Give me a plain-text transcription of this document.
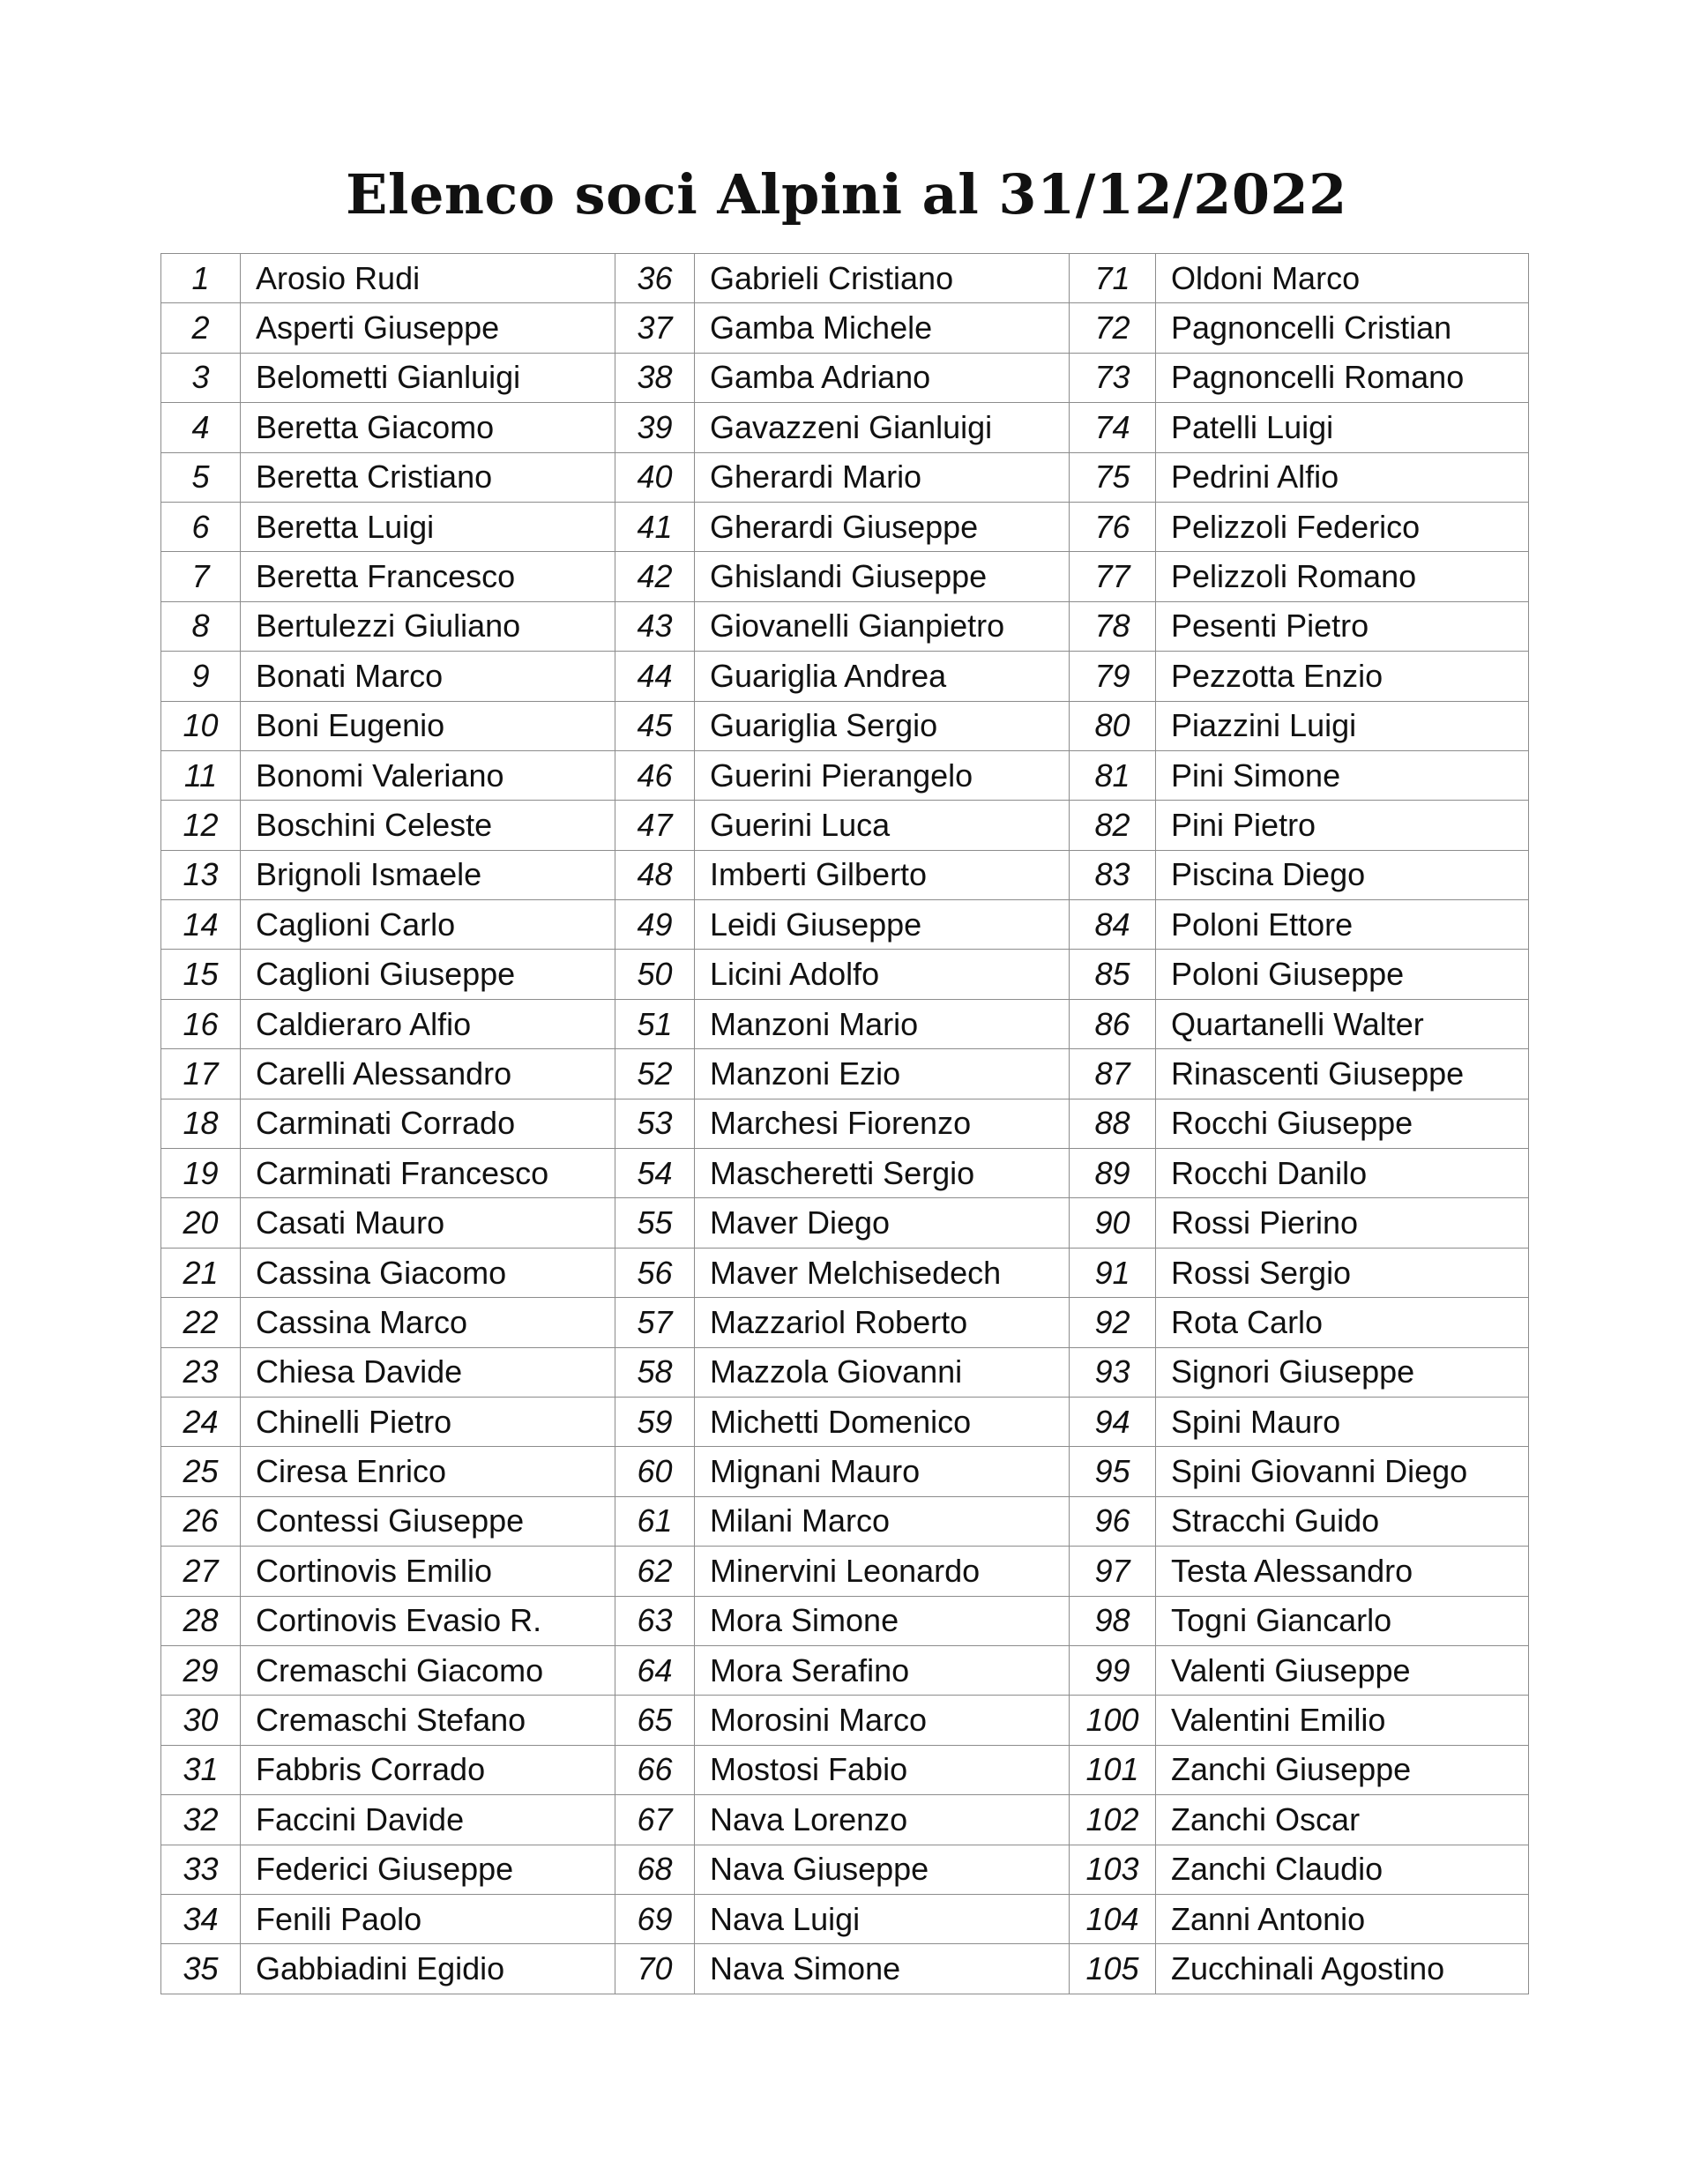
Elenco soci Alpini al 31/12/2022
1	Arosio Rudi	36	Gabrieli Cristiano	71	Oldoni Marco
2	Asperti Giuseppe	37	Gamba Michele	72	Pagnoncelli Cristian
3	Belometti Gianluigi	38	Gamba Adriano	73	Pagnoncelli Romano
4	Beretta Giacomo	39	Gavazzeni Gianluigi	74	Patelli Luigi
5	Beretta Cristiano	40	Gherardi Mario	75	Pedrini Alfio
6	Beretta Luigi	41	Gherardi Giuseppe	76	Pelizzoli Federico
7	Beretta Francesco	42	Ghislandi Giuseppe	77	Pelizzoli Romano
8	Bertulezzi Giuliano	43	Giovanelli Gianpietro	78	Pesenti Pietro
9	Bonati Marco	44	Guariglia Andrea	79	Pezzotta Enzio
10	Boni Eugenio	45	Guariglia Sergio	80	Piazzini Luigi
11	Bonomi Valeriano	46	Guerini Pierangelo	81	Pini Simone
12	Boschini Celeste	47	Guerini Luca	82	Pini Pietro
13	Brignoli Ismaele	48	Imberti Gilberto	83	Piscina Diego
14	Caglioni Carlo	49	Leidi Giuseppe	84	Poloni Ettore
15	Caglioni Giuseppe	50	Licini Adolfo	85	Poloni Giuseppe
16	Caldieraro Alfio	51	Manzoni Mario	86	Quartanelli Walter
17	Carelli Alessandro	52	Manzoni Ezio	87	Rinascenti Giuseppe
18	Carminati Corrado	53	Marchesi Fiorenzo	88	Rocchi Giuseppe
19	Carminati Francesco	54	Mascheretti Sergio	89	Rocchi Danilo
20	Casati Mauro	55	Maver Diego	90	Rossi Pierino
21	Cassina Giacomo	56	Maver Melchisedech	91	Rossi Sergio
22	Cassina Marco	57	Mazzariol Roberto	92	Rota Carlo
23	Chiesa Davide	58	Mazzola Giovanni	93	Signori Giuseppe
24	Chinelli Pietro	59	Michetti Domenico	94	Spini Mauro
25	Ciresa Enrico	60	Mignani Mauro	95	Spini Giovanni Diego
26	Contessi Giuseppe	61	Milani Marco	96	Stracchi Guido
27	Cortinovis Emilio	62	Minervini Leonardo	97	Testa Alessandro
28	Cortinovis Evasio R.	63	Mora Simone	98	Togni Giancarlo
29	Cremaschi Giacomo	64	Mora Serafino	99	Valenti Giuseppe
30	Cremaschi Stefano	65	Morosini Marco	100	Valentini Emilio
31	Fabbris Corrado	66	Mostosi Fabio	101	Zanchi Giuseppe
32	Faccini Davide	67	Nava Lorenzo	102	Zanchi Oscar
33	Federici Giuseppe	68	Nava Giuseppe	103	Zanchi Claudio
34	Fenili Paolo	69	Nava Luigi	104	Zanni Antonio
35	Gabbiadini Egidio	70	Nava Simone	105	Zucchinali Agostino
